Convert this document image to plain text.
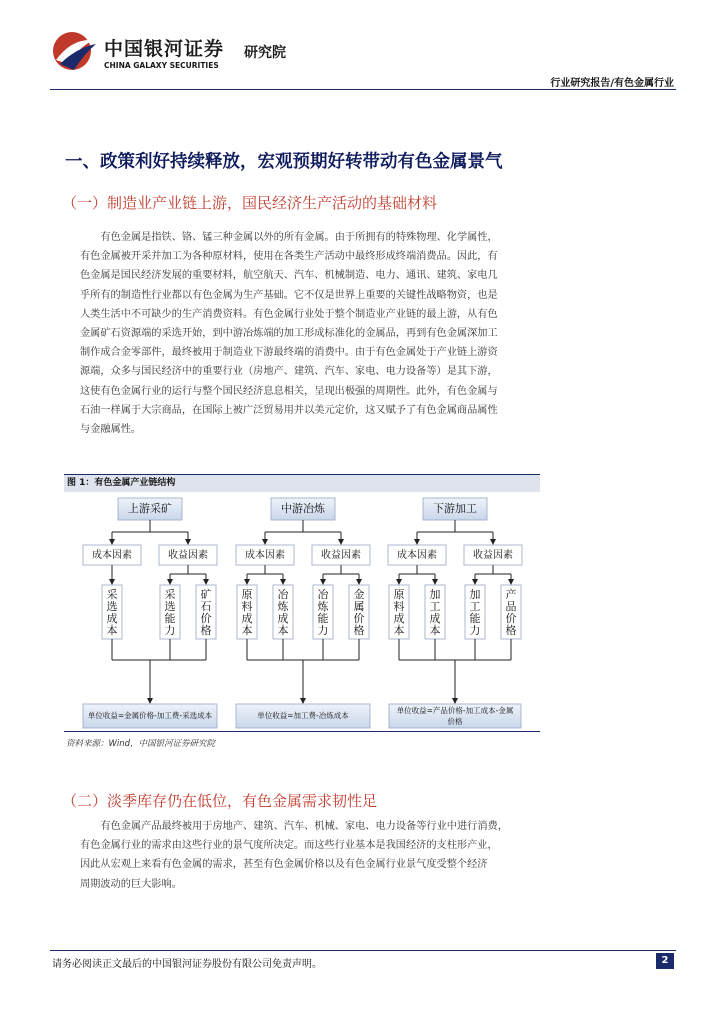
中国银河证券
CHINA GALAXY SECURITIES
研究院
行业研究报告/有色金属行业
一、政策利好持续释放，宏观预期好转带动有色金属景气
（一）制造业产业链上游，国民经济生产活动的基础材料

有色金属是指铁、铬、锰三种金属以外的所有金属。由于所拥有的特殊物理、化学属性，

有色金属被开采并加工为各种原材料，使用在各类生产活动中最终形成终端消费品。因此，有
色金属是国民经济发展的重要材料，航空航天、汽车、机械制造、电力、通讯、建筑、家电几
乎所有的制造性行业都以有色金属为生产基础。它不仅是世界上重要的关键性战略物资，也是
人类生活中不可缺少的生产消费资料。有色金属行业处于整个制造业产业链的最上游，从有色
金属矿石资源端的采选开始，到中游冶炼端的加工形成标准化的金属品，再到有色金属深加工
制作成合金零部件，最终被用于制造业下游最终端的消费中。由于有色金属处于产业链上游资
源端，众多与国民经济中的重要行业（房地产、建筑、汽车、家电、电力设备等）是其下游，
这使有色金属行业的运行与整个国民经济息息相关，呈现出极强的周期性。此外，有色金属与
石油一样属于大宗商品，在国际上被广泛贸易用并以美元定价，这又赋予了有色金属商品属性
与金融属性。
图 1：有色金属产业链结构
上游采矿
成本因素	收益因素
采选成本
采选能力
矿石价格
单位收益=金属价格-加工费-采选成本
中游冶炼
成本因素	收益因素
原料成本
冶炼成本
冶炼能力
金属价格
单位收益=加工费-冶炼成本
下游加工
成本因素	收益因素
原料成本
加工成本
加工能力
产品价格
单位收益=产品价格-加工成本-金属价格
资料来源：Wind，中国银河证券研究院
（二）淡季库存仍在低位，有色金属需求韧性足

有色金属产品最终被用于房地产、建筑、汽车、机械、家电、电力设备等行业中进行消费，

有色金属行业的需求由这些行业的景气度所决定。而这些行业基本是我国经济的支柱形产业，
因此从宏观上来看有色金属的需求，甚至有色金属价格以及有色金属行业景气度受整个经济
周期波动的巨大影响。
请务必阅读正文最后的中国银河证券股份有限公司免责声明。	2
